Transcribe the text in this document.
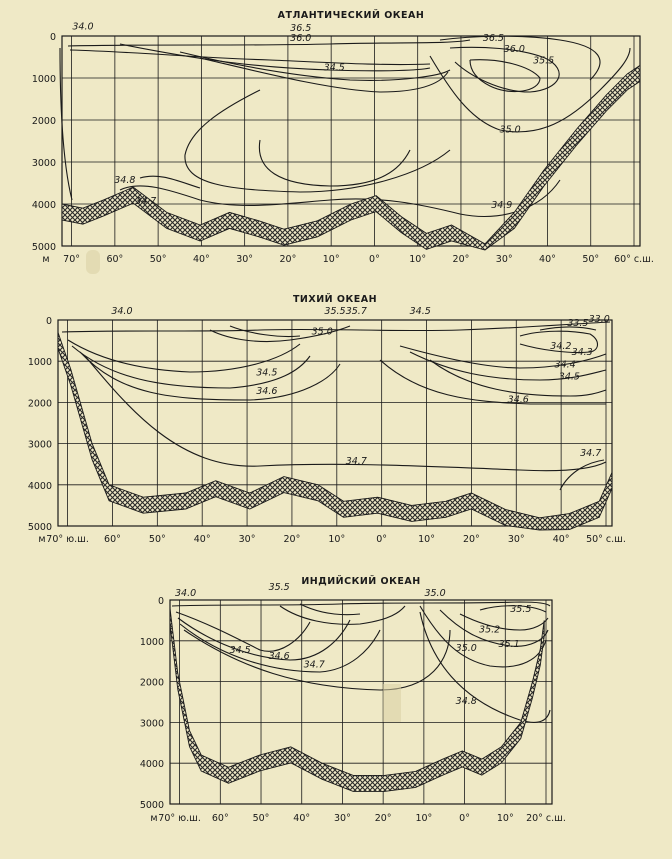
АТЛАНТИЧЕСКИЙ ОКЕАН
0
1000
2000
3000
4000
5000
м 70°	60°	50°	40°	30°	20°	10°	0°	10°	20°	30°	40°	50° 60° с.ш.
34.0	36.5
36.0
34.5
36.5
36.0
35.5
35.0
34.8
34.7	34.9
ТИХИЙ ОКЕАН
0
1000
2000
3000
4000
5000
м 70° ю.ш. 60°	50°	40°	30°	20°	10°	0°	10°	20°	30°	40° 50° с.ш.
34.0	35.5 35.7
35.0
34.5
33.5 33.0
34.2
34.3
34.4
34.5
34.5
34.6
34.6
34.7
34.7
ИНДИЙСКИЙ ОКЕАН
0
1000
2000
3000
4000
5000
м 70° ю.ш. 60°	50°	40°	30°	20°	10°	0°	10° 20° с.ш.
34.0
35.5
35.0
34.5
34.6
34.7
35.0
35.2
35.5
35.1
34.8
